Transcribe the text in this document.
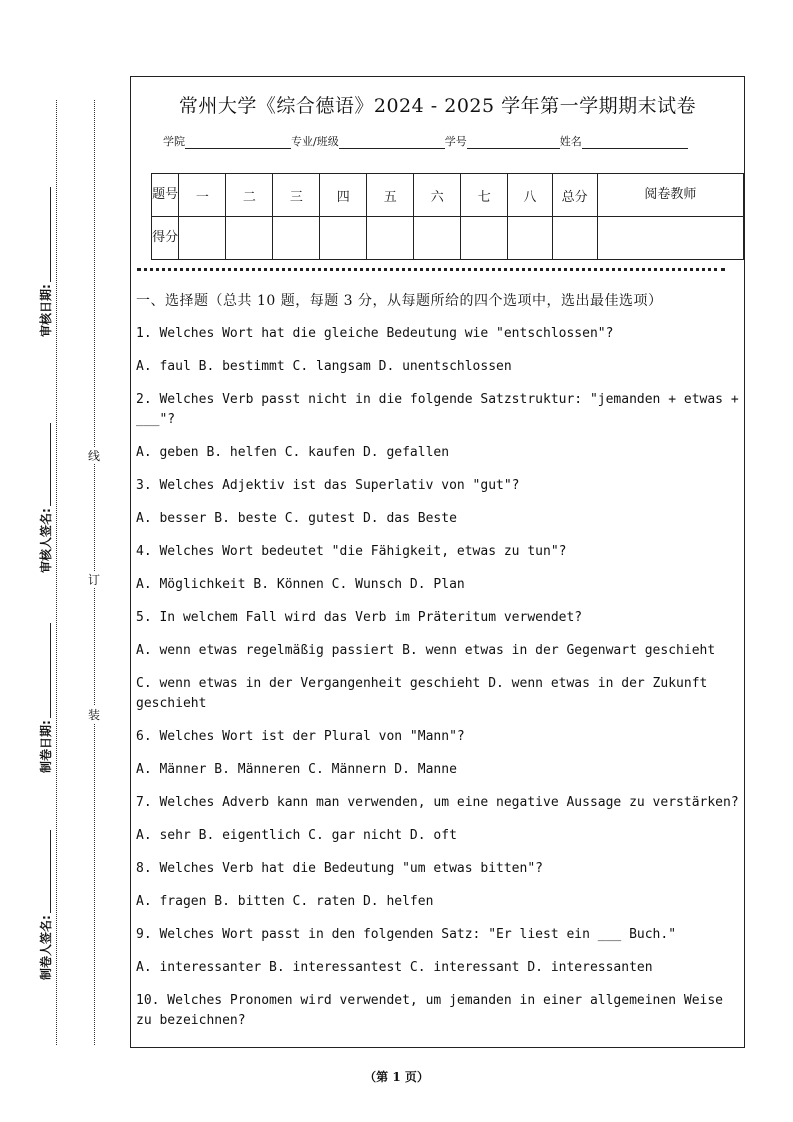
审核日期:
审核人签名:
制卷日期:
制卷人签名:
线
订
装
常州大学《综合德语》2024 - 2025 学年第一学期期末试卷
学院	专业/班级	学号	姓名
题号	一	二	三	四	五	六	七	八	总分	阅卷教师
得分										

一、选择题（总共 10 题，每题 3 分，从每题所给的四个选项中，选出最佳选项）

1. Welches Wort hat die gleiche Bedeutung wie "entschlossen"?

A. faul B. bestimmt C. langsam D. unentschlossen

2. Welches Verb passt nicht in die folgende Satzstruktur: "jemanden + etwas + ___"?

A. geben B. helfen C. kaufen D. gefallen

3. Welches Adjektiv ist das Superlativ von "gut"?

A. besser B. beste C. gutest D. das Beste

4. Welches Wort bedeutet "die Fähigkeit, etwas zu tun"?

A. Möglichkeit B. Können C. Wunsch D. Plan

5. In welchem Fall wird das Verb im Präteritum verwendet?

A. wenn etwas regelmäßig passiert B. wenn etwas in der Gegenwart geschieht

C. wenn etwas in der Vergangenheit geschieht D. wenn etwas in der Zukunft geschieht

6. Welches Wort ist der Plural von "Mann"?

A. Männer B. Männeren C. Männern D. Manne

7. Welches Adverb kann man verwenden, um eine negative Aussage zu verstärken?

A. sehr B. eigentlich C. gar nicht D. oft

8. Welches Verb hat die Bedeutung "um etwas bitten"?

A. fragen B. bitten C. raten D. helfen

9. Welches Wort passt in den folgenden Satz: "Er liest ein ___ Buch."

A. interessanter B. interessantest C. interessant D. interessanten

10. Welches Pronomen wird verwendet, um jemanden in einer allgemeinen Weise zu bezeichnen?

（第 1 页）
